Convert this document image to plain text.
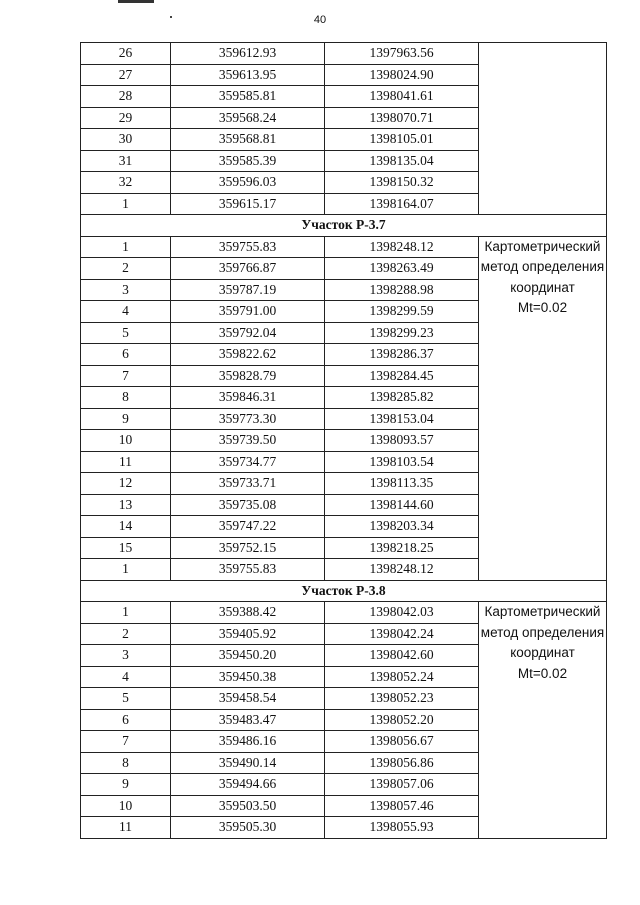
40
26	359612.93	1397963.56	
27	359613.95	1398024.90	
28	359585.81	1398041.61	
29	359568.24	1398070.71	
30	359568.81	1398105.01	
31	359585.39	1398135.04	
32	359596.03	1398150.32	
1	359615.17	1398164.07	
Участок Р-3.7			
1	359755.83	1398248.12	Картометрический
метод определения
координат
Mt=0.02

2	359766.87	1398263.49	
3	359787.19	1398288.98	
4	359791.00	1398299.59	
5	359792.04	1398299.23	
6	359822.62	1398286.37	
7	359828.79	1398284.45	
8	359846.31	1398285.82	
9	359773.30	1398153.04	
10	359739.50	1398093.57	
11	359734.77	1398103.54	
12	359733.71	1398113.35	
13	359735.08	1398144.60	
14	359747.22	1398203.34	
15	359752.15	1398218.25	
1	359755.83	1398248.12	
Участок Р-3.8			
1	359388.42	1398042.03	Картометрический
метод определения
координат
Mt=0.02

2	359405.92	1398042.24	
3	359450.20	1398042.60	
4	359450.38	1398052.24	
5	359458.54	1398052.23	
6	359483.47	1398052.20	
7	359486.16	1398056.67	
8	359490.14	1398056.86	
9	359494.66	1398057.06	
10	359503.50	1398057.46	
11	359505.30	1398055.93	
